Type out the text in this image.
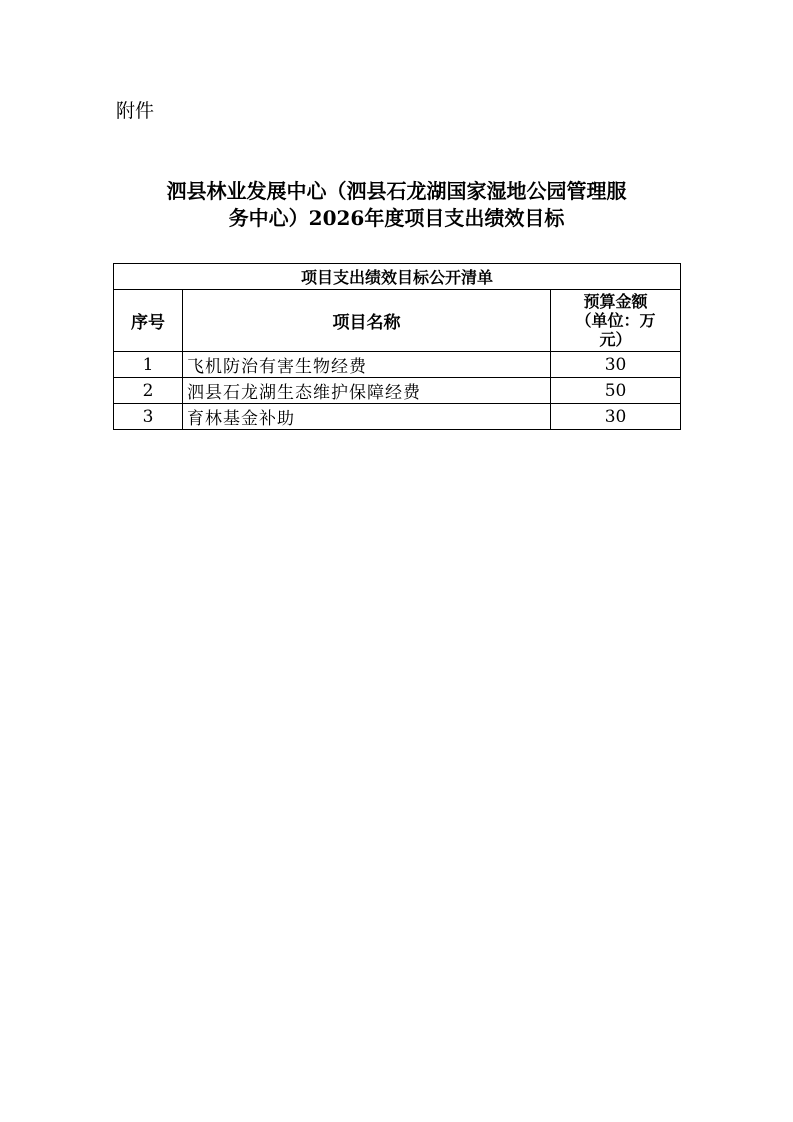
附件
泗县林业发展中心（泗县石龙湖国家湿地公园管理服
务中心）2026年度项目支出绩效目标
项目支出绩效目标公开清单		
序号	项目名称	预算金额
（单位：万
元）

1	飞机防治有害生物经费	30
2	泗县石龙湖生态维护保障经费	50
3	育林基金补助	30
